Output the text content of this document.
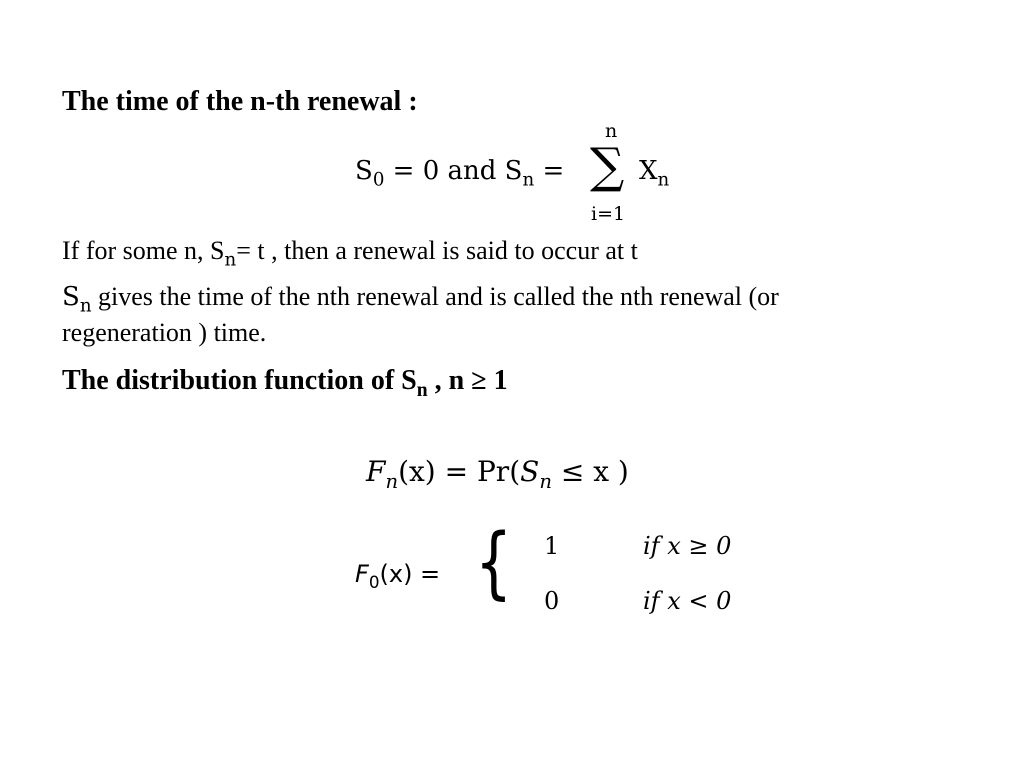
The time of the n-th renewal :
$S_0 = 0$ and $S_n$ =
n
∑
i=1
$X_n$
If for some n, $S_n= t$ , then a renewal is said to occur at t
$S_n$ gives the time of the nth renewal and is called the nth renewal (or
regeneration ) time.
The distribution function of $S_n$ , n ≥ 1
$F_n(x) = Pr(S_n \le x$ )
$F_0(x)$ = { 1	if x ≥ 0
0	if x < 0
